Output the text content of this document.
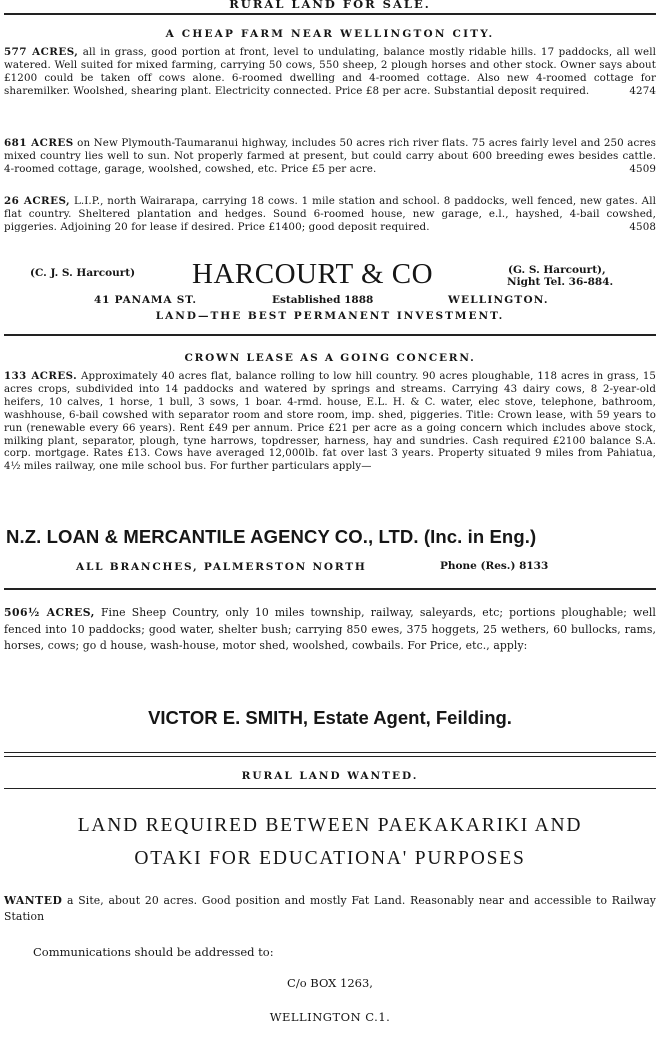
RURAL LAND FOR SALE.
A CHEAP FARM NEAR WELLINGTON CITY.
577 ACRES, all in grass, good portion at front, level to undulating, balance mostly ridable hills. 17 paddocks, all well watered. Well suited for mixed farming, carrying 50 cows, 550 sheep, 2 plough horses and other stock. Owner says about £1200 could be taken off cows alone. 6-roomed dwelling and 4-roomed cottage. Also new 4-roomed cottage for sharemilker. Woolshed, shearing plant. Electricity connected. Price £8 per acre. Substantial deposit required.	4274
681 ACRES on New Plymouth-Taumaranui highway, includes 50 acres rich river flats. 75 acres fairly level and 250 acres mixed country lies well to sun. Not properly farmed at present, but could carry about 600 breeding ewes besides cattle. 4-roomed cottage, garage, woolshed, cowshed, etc. Price £5 per acre.	4509
26 ACRES, L.I.P., north Wairarapa, carrying 18 cows. 1 mile station and school. 8 paddocks, well fenced, new gates. All flat country. Sheltered plantation and hedges. Sound 6-roomed house, new garage, e.l., hayshed, 4-bail cowshed, piggeries. Adjoining 20 for lease if desired. Price £1400; good deposit required.	4508
(C. J. S. Harcourt) HARCOURT & CO	(G. S. Harcourt),
Night Tel. 36-884.
41 PANAMA ST.	Established 1888	WELLINGTON.
LAND—THE BEST PERMANENT INVESTMENT.
CROWN LEASE AS A GOING CONCERN.
133 ACRES. Approximately 40 acres flat, balance rolling to low hill country. 90 acres ploughable, 118 acres in grass, 15 acres crops, subdivided into 14 paddocks and watered by springs and streams. Carrying 43 dairy cows, 8 2-year-old heifers, 10 calves, 1 horse, 1 bull, 3 sows, 1 boar. 4-rmd. house, E.L. H. & C. water, elec stove, telephone, bathroom, washhouse, 6-bail cowshed with separator room and store room, imp. shed, piggeries. Title: Crown lease, with 59 years to run (renewable every 66 years). Rent £49 per annum. Price £21 per acre as a going concern which includes above stock, milking plant, separator, plough, tyne harrows, topdresser, harness, hay and sundries. Cash required £2100 balance S.A. corp. mortgage. Rates £13. Cows have averaged 12,000lb. fat over last 3 years. Property situated 9 miles from Pahiatua, 4½ miles railway, one mile school bus. For further particulars apply—
N.Z. LOAN & MERCANTILE AGENCY CO., LTD. (Inc. in Eng.)
ALL BRANCHES, PALMERSTON NORTH	Phone (Res.) 8133
506½ ACRES, Fine Sheep Country, only 10 miles township, railway, saleyards, etc; portions ploughable; well fenced into 10 paddocks; good water, shelter bush; carrying 850 ewes, 375 hoggets, 25 wethers, 60 bullocks, rams, horses, cows; go d house, wash-house, motor shed, woolshed, cowbails. For Price, etc., apply:
VICTOR E. SMITH, Estate Agent, Feilding.
RURAL LAND WANTED.
LAND REQUIRED BETWEEN PAEKAKARIKI AND
OTAKI FOR EDUCATIONA' PURPOSES
WANTED a Site, about 20 acres. Good position and mostly Fat Land. Reasonably near and accessible to Railway Station
Communications should be addressed to:
C/o BOX 1263,
WELLINGTON C.1.
